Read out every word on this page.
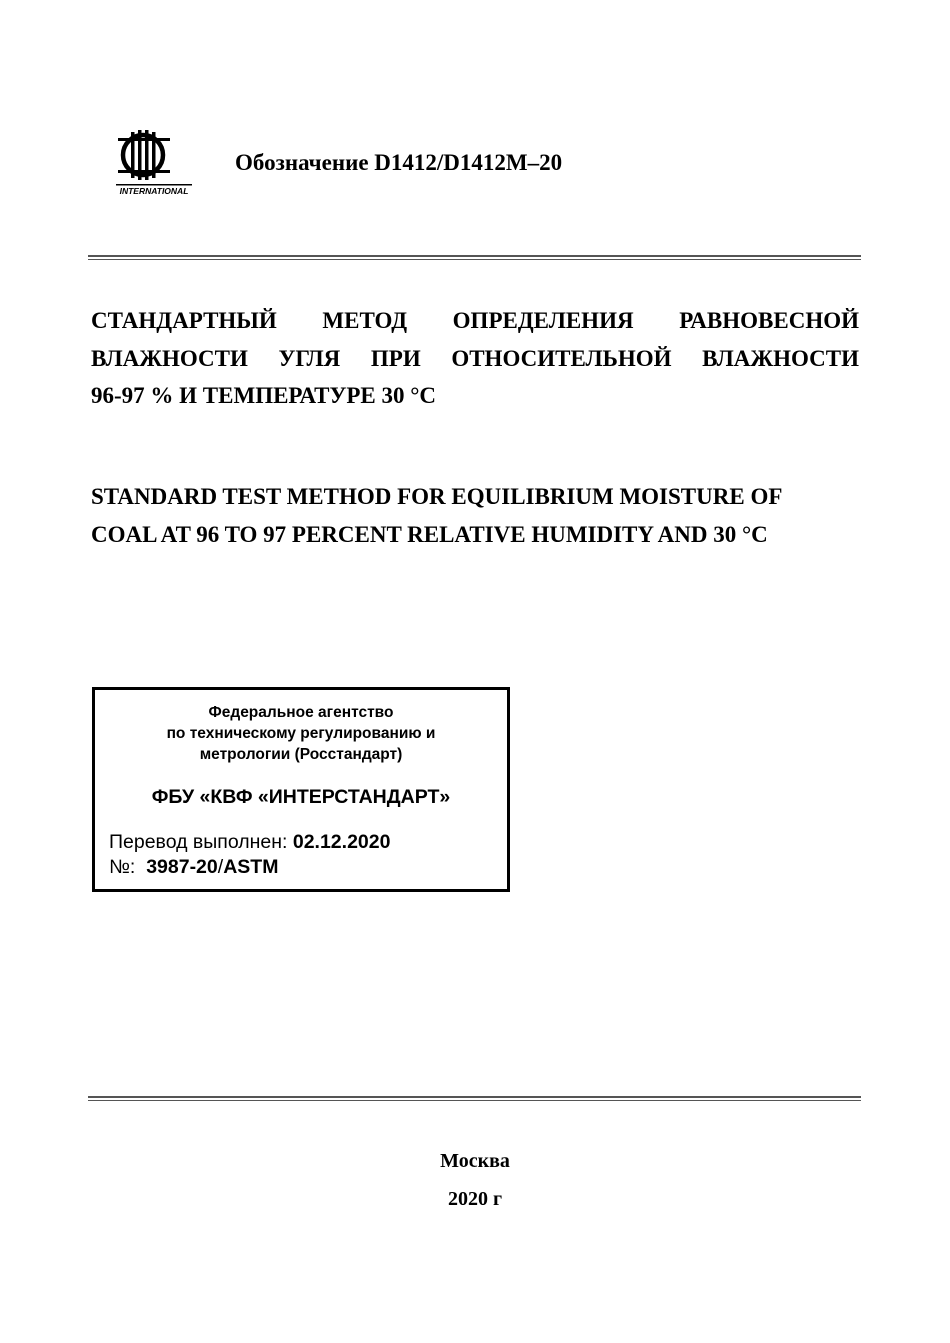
INTERNATIONAL
Обозначение D1412/D1412M–20
СТАНДАРТНЫЙ МЕТОД ОПРЕДЕЛЕНИЯ РАВНОВЕСНОЙ
ВЛАЖНОСТИ УГЛЯ ПРИ ОТНОСИТЕЛЬНОЙ ВЛАЖНОСТИ
96-97 % И ТЕМПЕРАТУРЕ 30 °С
STANDARD TEST METHOD FOR EQUILIBRIUM MOISTURE OF
COAL AT 96 TO 97 PERCENT RELATIVE HUMIDITY AND 30 °C
Федеральное агентство
по техническому регулированию и
метрологии (Росстандарт)
ФБУ «КВФ «ИНТЕРСТАНДАРТ»
Перевод выполнен: 02.12.2020
№: 3987-20/ASTM
Москва
2020 г
